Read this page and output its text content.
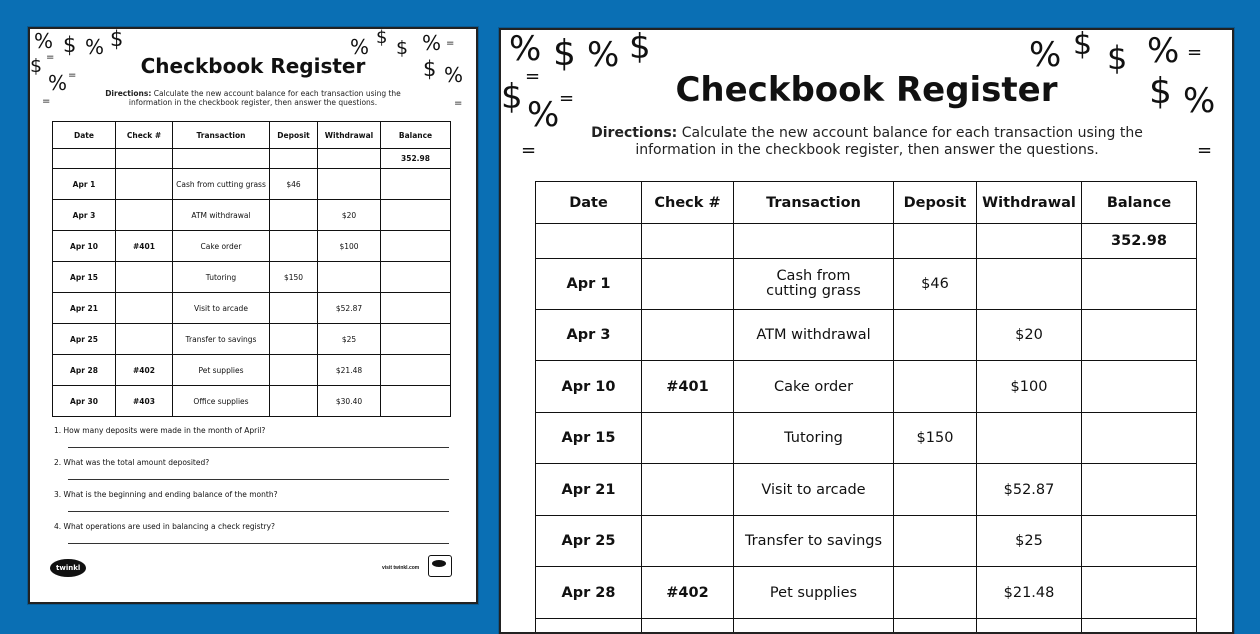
% $ % $
$ =
% =
=
% $ $ % =
$ %
=
Checkbook Register
Directions: Calculate the new account balance for each transaction using the information in the checkbook register, then answer the questions.
Date	Check #	Transaction	Deposit	Withdrawal	Balance
					352.98
Apr 1		Cash from cutting grass	$46		
Apr 3		ATM withdrawal		$20	
Apr 10	#401	Cake order		$100	
Apr 15		Tutoring	$150		
Apr 21		Visit to arcade		$52.87	
Apr 25		Transfer to savings		$25	
Apr 28	#402	Pet supplies		$21.48	
Apr 30	#403	Office supplies		$30.40	
1. How many deposits were made in the month of April?
2. What was the total amount deposited?
3. What is the beginning and ending balance of the month?
4. What operations are used in balancing a check registry?
twinkl	visit twinkl.com
% $ % $
=
$ % =
=
% $ $ % =
$ %
=
Checkbook Register
Directions: Calculate the new account balance for each transaction using the information in the checkbook register, then answer the questions.
Date	Check #	Transaction	Deposit	Withdrawal	Balance
					352.98
Apr 1		Cash from cutting grass	$46		
Apr 3		ATM withdrawal		$20	
Apr 10	#401	Cake order		$100	
Apr 15		Tutoring	$150		
Apr 21		Visit to arcade		$52.87	
Apr 25		Transfer to savings		$25	
Apr 28	#402	Pet supplies		$21.48	
